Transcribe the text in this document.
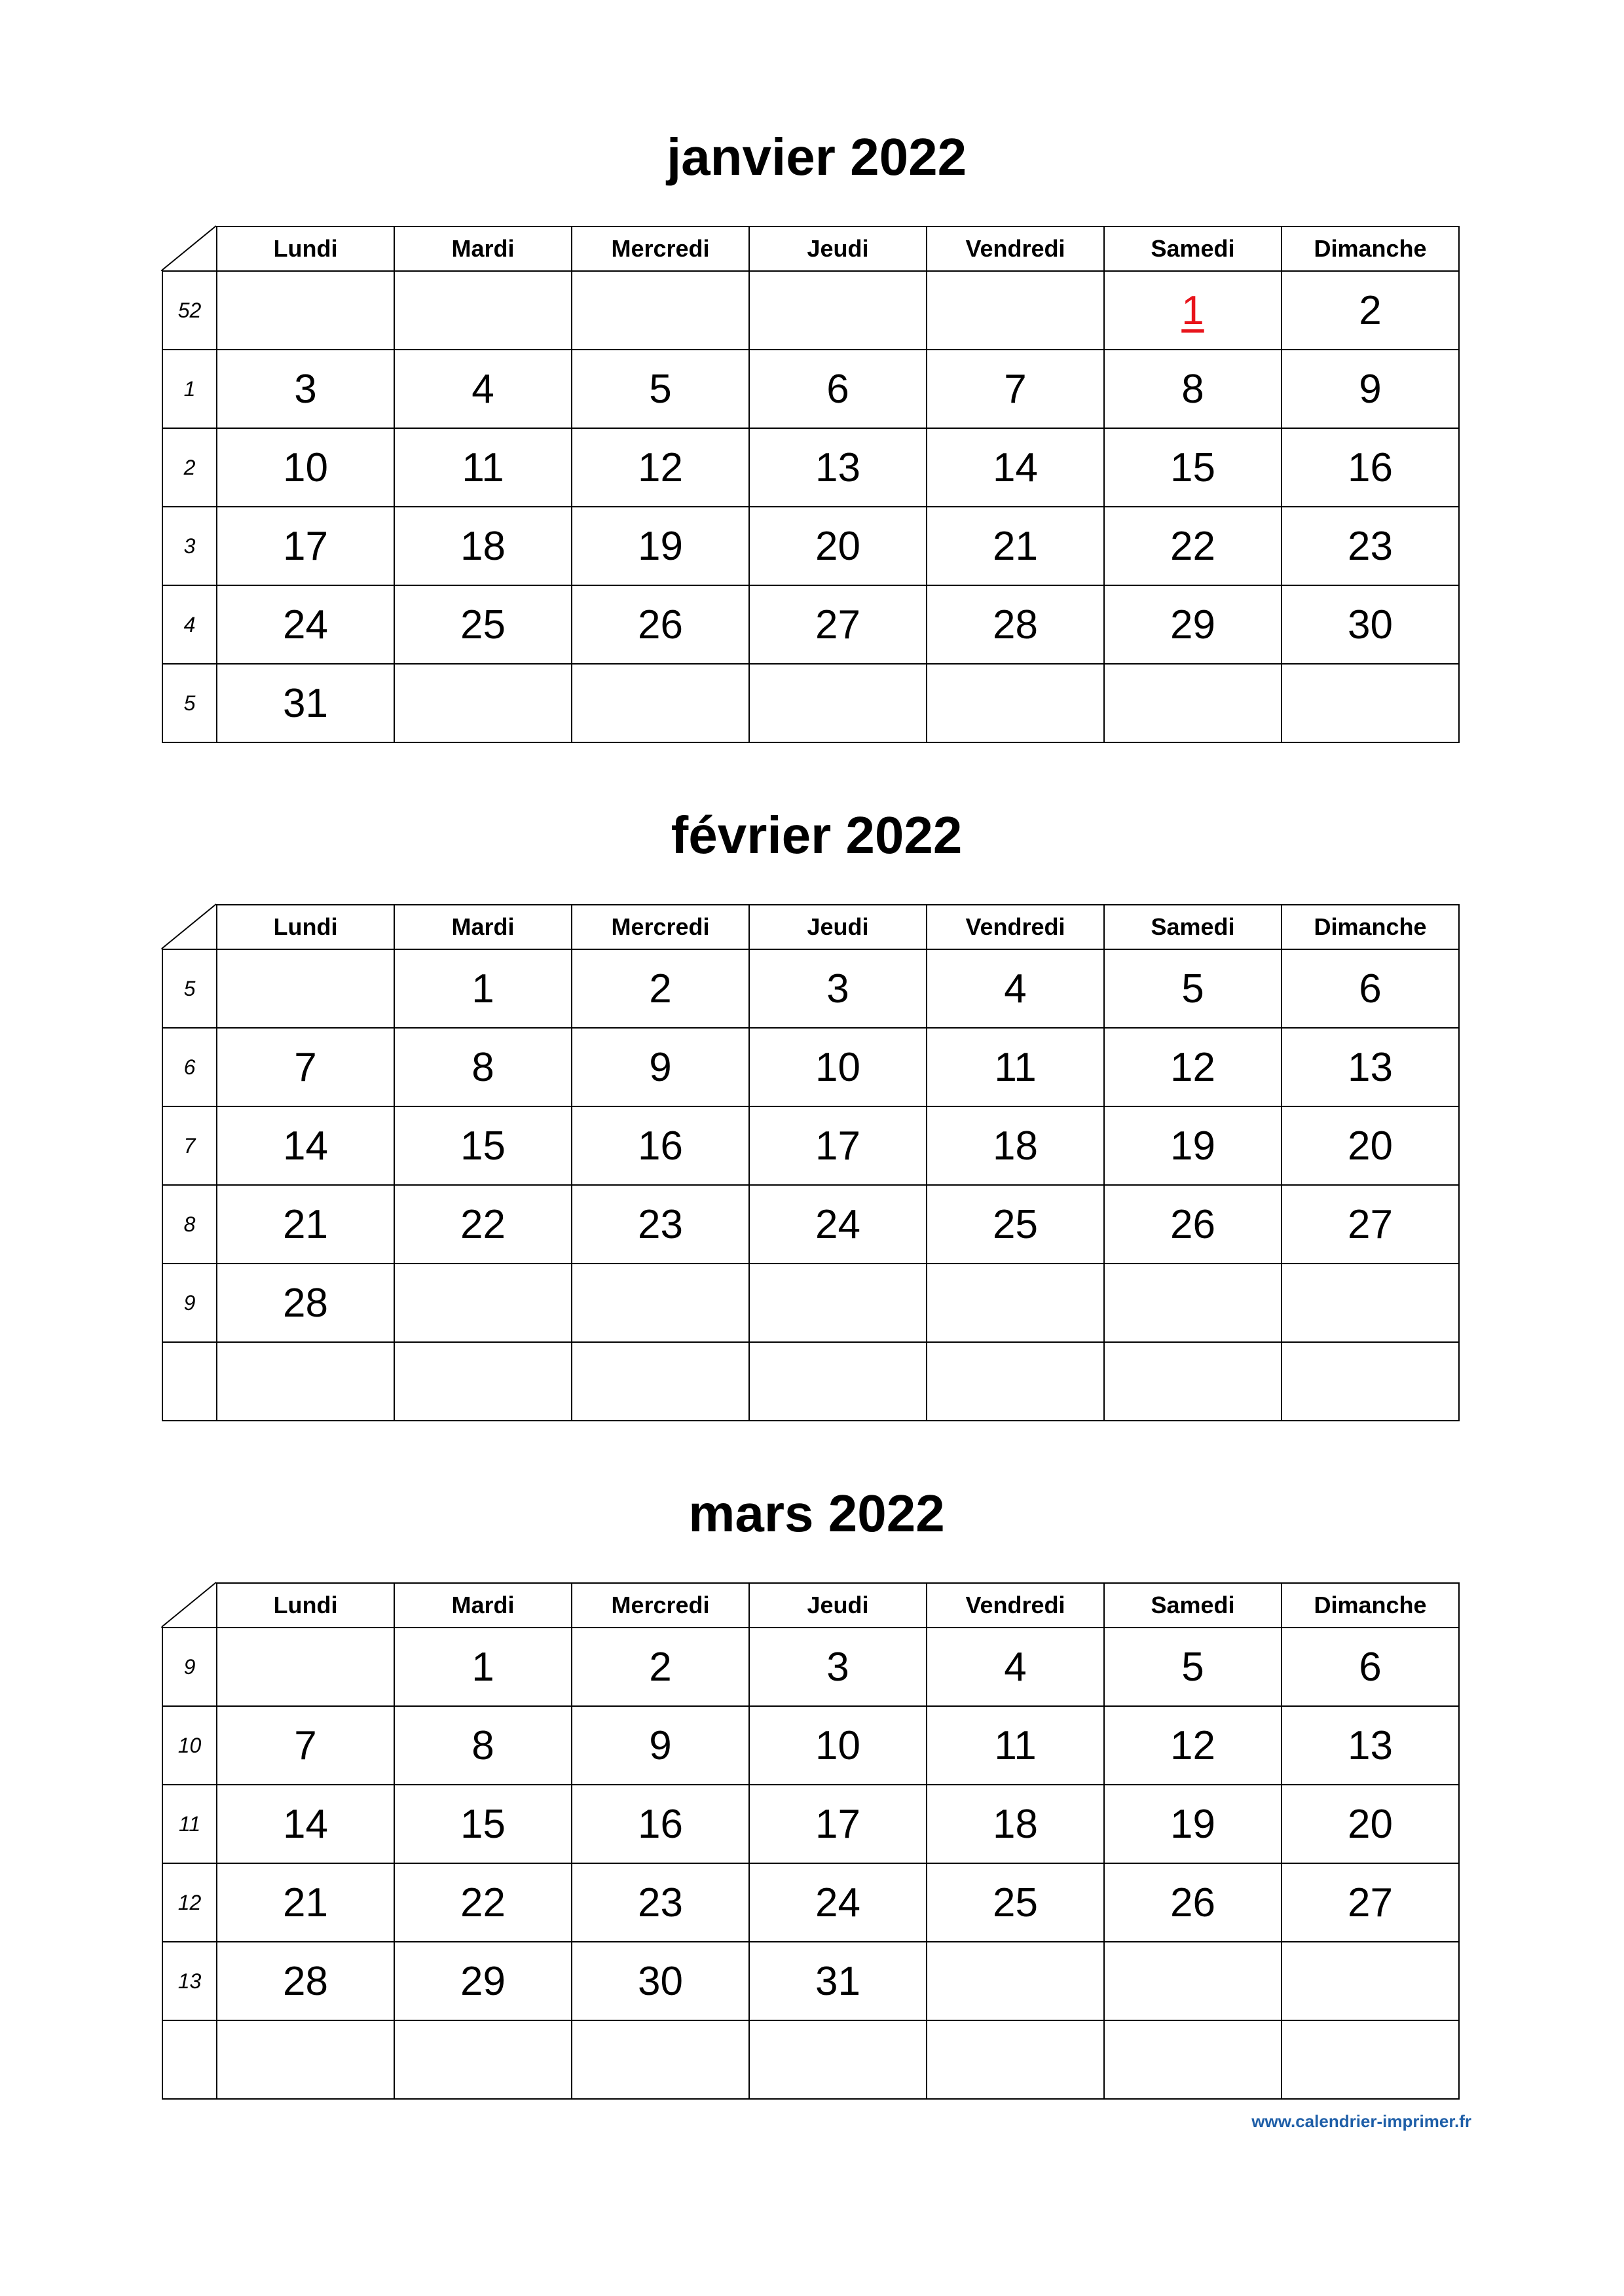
janvier 2022
	Lundi	Mardi	Mercredi	Jeudi	Vendredi	Samedi	Dimanche
52						1	2
1	3	4	5	6	7	8	9
2	10	11	12	13	14	15	16
3	17	18	19	20	21	22	23
4	24	25	26	27	28	29	30
5	31						
février 2022
	Lundi	Mardi	Mercredi	Jeudi	Vendredi	Samedi	Dimanche
5		1	2	3	4	5	6
6	7	8	9	10	11	12	13
7	14	15	16	17	18	19	20
8	21	22	23	24	25	26	27
9	28						

mars 2022
	Lundi	Mardi	Mercredi	Jeudi	Vendredi	Samedi	Dimanche
9		1	2	3	4	5	6
10	7	8	9	10	11	12	13
11	14	15	16	17	18	19	20
12	21	22	23	24	25	26	27
13	28	29	30	31			

www.calendrier-imprimer.fr
